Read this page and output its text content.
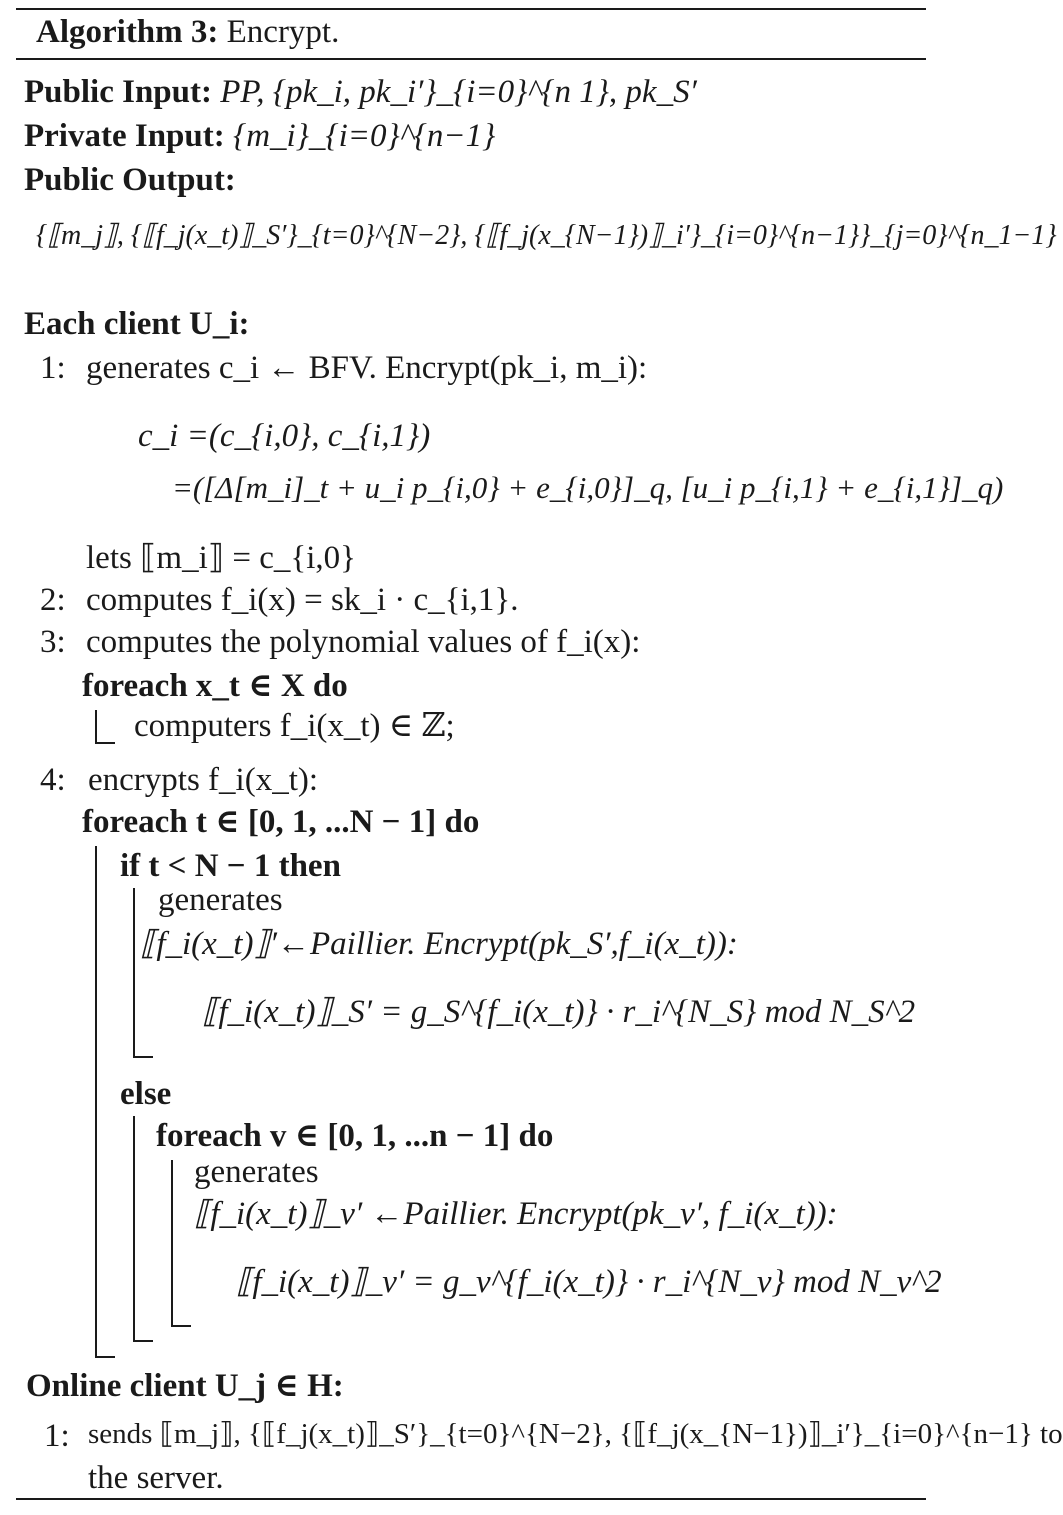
Algorithm 3: Encrypt.
Public Input: PP, {pk_i, pk_i′}_{i=0}^{n 1}, pk_S′
Private Input: {m_i}_{i=0}^{n−1}
Public Output:
{⟦m_j⟧, {⟦f_j(x_t)⟧_S′}_{t=0}^{N−2}, {⟦f_j(x_{N−1})⟧_i′}_{i=0}^{n−1}}_{j=0}^{n_1−1}
Each client U_i:
1: generates c_i ← BFV. Encrypt(pk_i, m_i):
c_i =(c_{i,0}, c_{i,1})
=([Δ[m_i]_t + u_i p_{i,0} + e_{i,0}]_q, [u_i p_{i,1} + e_{i,1}]_q)
lets ⟦m_i⟧ = c_{i,0}
2: computes f_i(x) = sk_i · c_{i,1}.
3: computes the polynomial values of f_i(x):
foreach x_t ∈ X do
computers f_i(x_t) ∈ ℤ;
4: encrypts f_i(x_t):
foreach t ∈ [0, 1, ...N − 1] do
if t < N − 1 then
generates
⟦f_i(x_t)⟧′←Paillier. Encrypt(pk_S′,f_i(x_t)):
⟦f_i(x_t)⟧_S′ = g_S^{f_i(x_t)} · r_i^{N_S} mod N_S^2
else
foreach v ∈ [0, 1, ...n − 1] do
generates
⟦f_i(x_t)⟧_v′ ←Paillier. Encrypt(pk_v′, f_i(x_t)):
⟦f_i(x_t)⟧_v′ = g_v^{f_i(x_t)} · r_i^{N_v} mod N_v^2
Online client U_j ∈ H:
1: sends ⟦m_j⟧, {⟦f_j(x_t)⟧_S′}_{t=0}^{N−2}, {⟦f_j(x_{N−1})⟧_i′}_{i=0}^{n−1} to
the server.
